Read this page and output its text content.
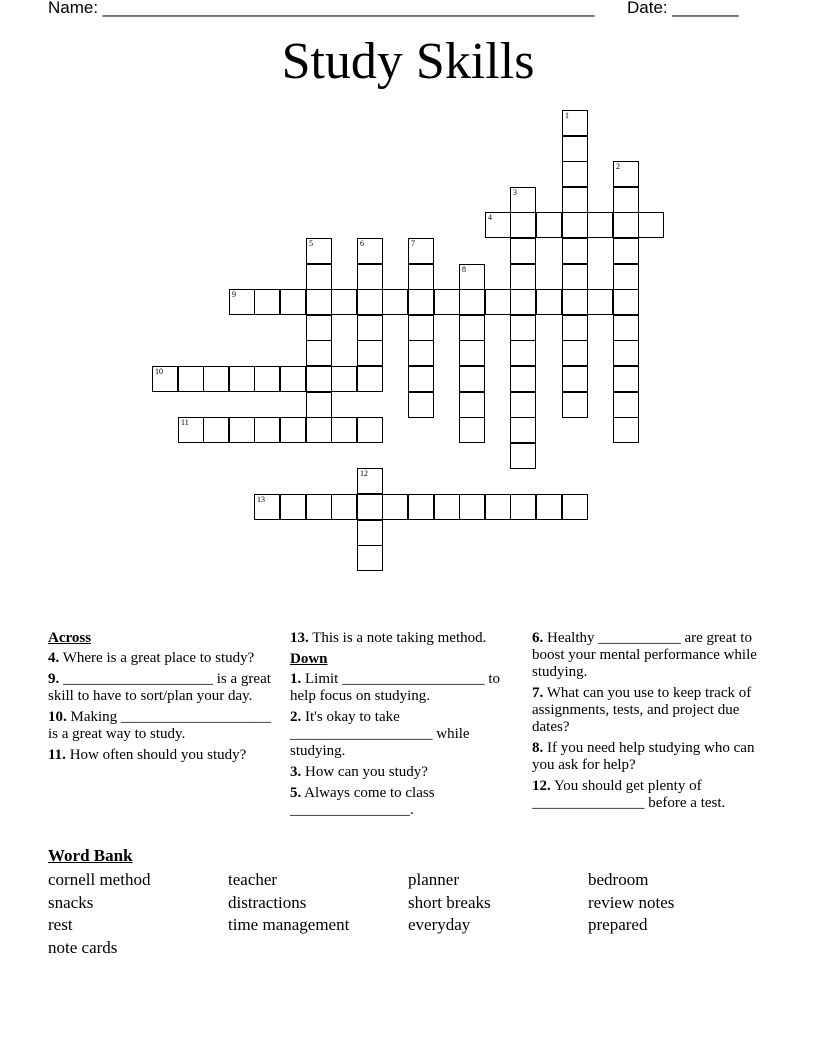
Name: ____________________________________________________ Date: _______
Study Skills
1
2
3
4
5	6	7
8
9
10
11
12
13
Across
4. Where is a great place to study?
9. ____________________ is a great skill to have to sort/plan your day.
10. Making ____________________ is a great way to study.
11. How often should you study?
13. This is a note taking method.
Down
1. Limit ___________________ to help focus on studying.
2. It's okay to take ___________________ while studying.
3. How can you study?
5. Always come to class ________________.
6. Healthy ___________ are great to boost your mental performance while studying.
7. What can you use to keep track of assignments, tests, and project due dates?
8. If you need help studying who can you ask for help?
12. You should get plenty of _______________ before a test.
Word Bank
cornell method	teacher	planner	bedroom
snacks	distractions	short breaks	review notes
rest	time management	everyday	prepared
note cards
